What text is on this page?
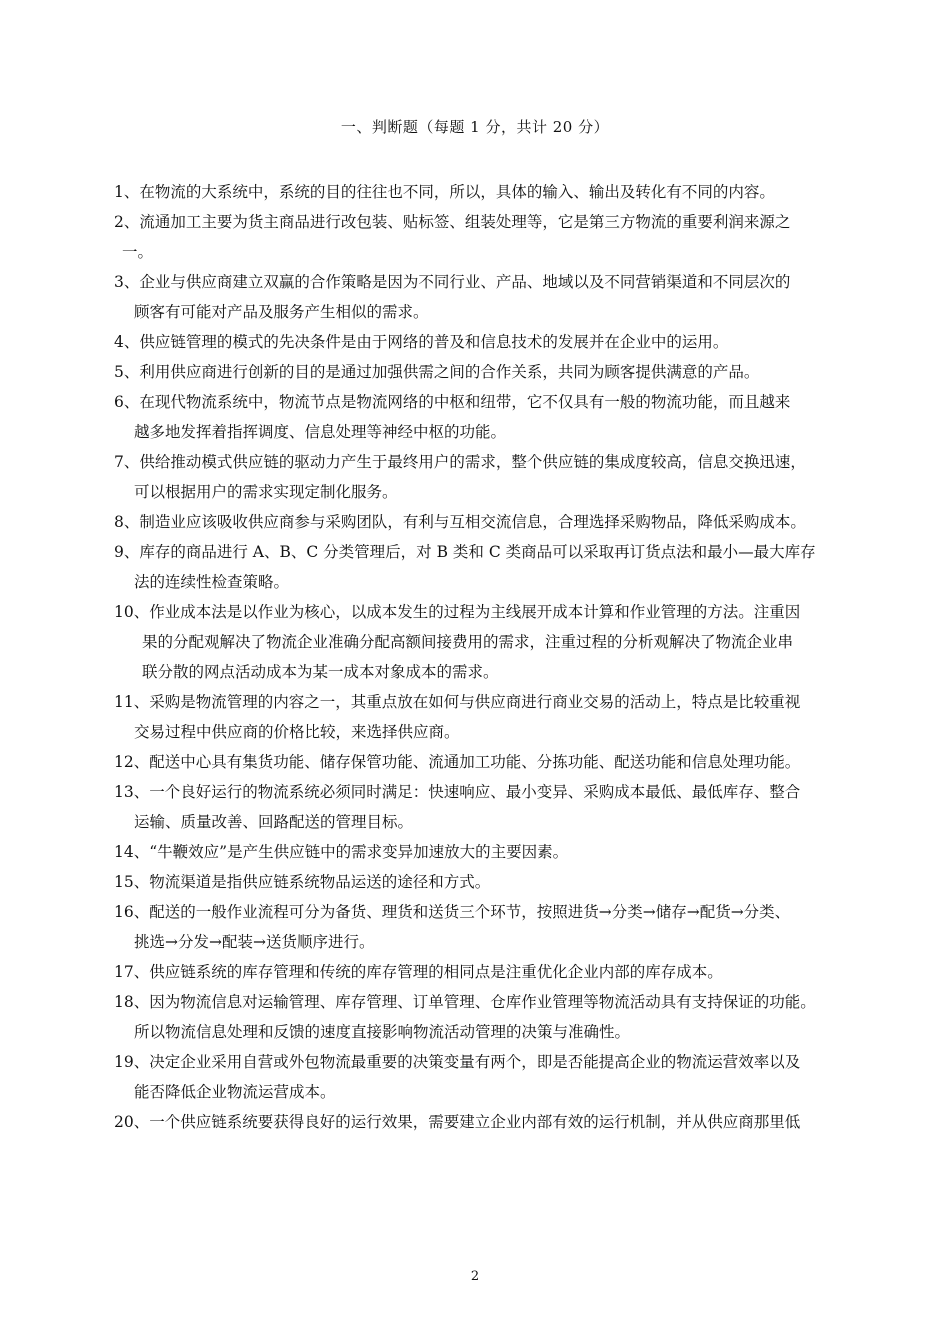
一、判断题（每题 1 分，共计 20 分）
1、在物流的大系统中，系统的目的往往也不同，所以，具体的输入、输出及转化有不同的内容。
2、流通加工主要为货主商品进行改包装、贴标签、组装处理等，它是第三方物流的重要利润来源之
一。
3、企业与供应商建立双赢的合作策略是因为不同行业、产品、地域以及不同营销渠道和不同层次的
顾客有可能对产品及服务产生相似的需求。
4、供应链管理的模式的先决条件是由于网络的普及和信息技术的发展并在企业中的运用。
5、利用供应商进行创新的目的是通过加强供需之间的合作关系，共同为顾客提供满意的产品。
6、在现代物流系统中，物流节点是物流网络的中枢和纽带，它不仅具有一般的物流功能，而且越来
越多地发挥着指挥调度、信息处理等神经中枢的功能。
7、供给推动模式供应链的驱动力产生于最终用户的需求，整个供应链的集成度较高，信息交换迅速，
可以根据用户的需求实现定制化服务。
8、制造业应该吸收供应商参与采购团队，有利与互相交流信息，合理选择采购物品，降低采购成本。
9、库存的商品进行 A、B、C 分类管理后，对 B 类和 C 类商品可以采取再订货点法和最小—最大库存
法的连续性检查策略。
10、作业成本法是以作业为核心，以成本发生的过程为主线展开成本计算和作业管理的方法。注重因
果的分配观解决了物流企业准确分配高额间接费用的需求，注重过程的分析观解决了物流企业串
联分散的网点活动成本为某一成本对象成本的需求。
11、采购是物流管理的内容之一，其重点放在如何与供应商进行商业交易的活动上，特点是比较重视
交易过程中供应商的价格比较，来选择供应商。
12、配送中心具有集货功能、储存保管功能、流通加工功能、分拣功能、配送功能和信息处理功能。
13、一个良好运行的物流系统必须同时满足：快速响应、最小变异、采购成本最低、最低库存、整合
运输、质量改善、回路配送的管理目标。
14、“牛鞭效应”是产生供应链中的需求变异加速放大的主要因素。
15、物流渠道是指供应链系统物品运送的途径和方式。
16、配送的一般作业流程可分为备货、理货和送货三个环节，按照进货→分类→储存→配货→分类、
挑选→分发→配装→送货顺序进行。
17、供应链系统的库存管理和传统的库存管理的相同点是注重优化企业内部的库存成本。
18、因为物流信息对运输管理、库存管理、订单管理、仓库作业管理等物流活动具有支持保证的功能。
所以物流信息处理和反馈的速度直接影响物流活动管理的决策与准确性。
19、决定企业采用自营或外包物流最重要的决策变量有两个，即是否能提高企业的物流运营效率以及
能否降低企业物流运营成本。
20、一个供应链系统要获得良好的运行效果，需要建立企业内部有效的运行机制，并从供应商那里低
2
